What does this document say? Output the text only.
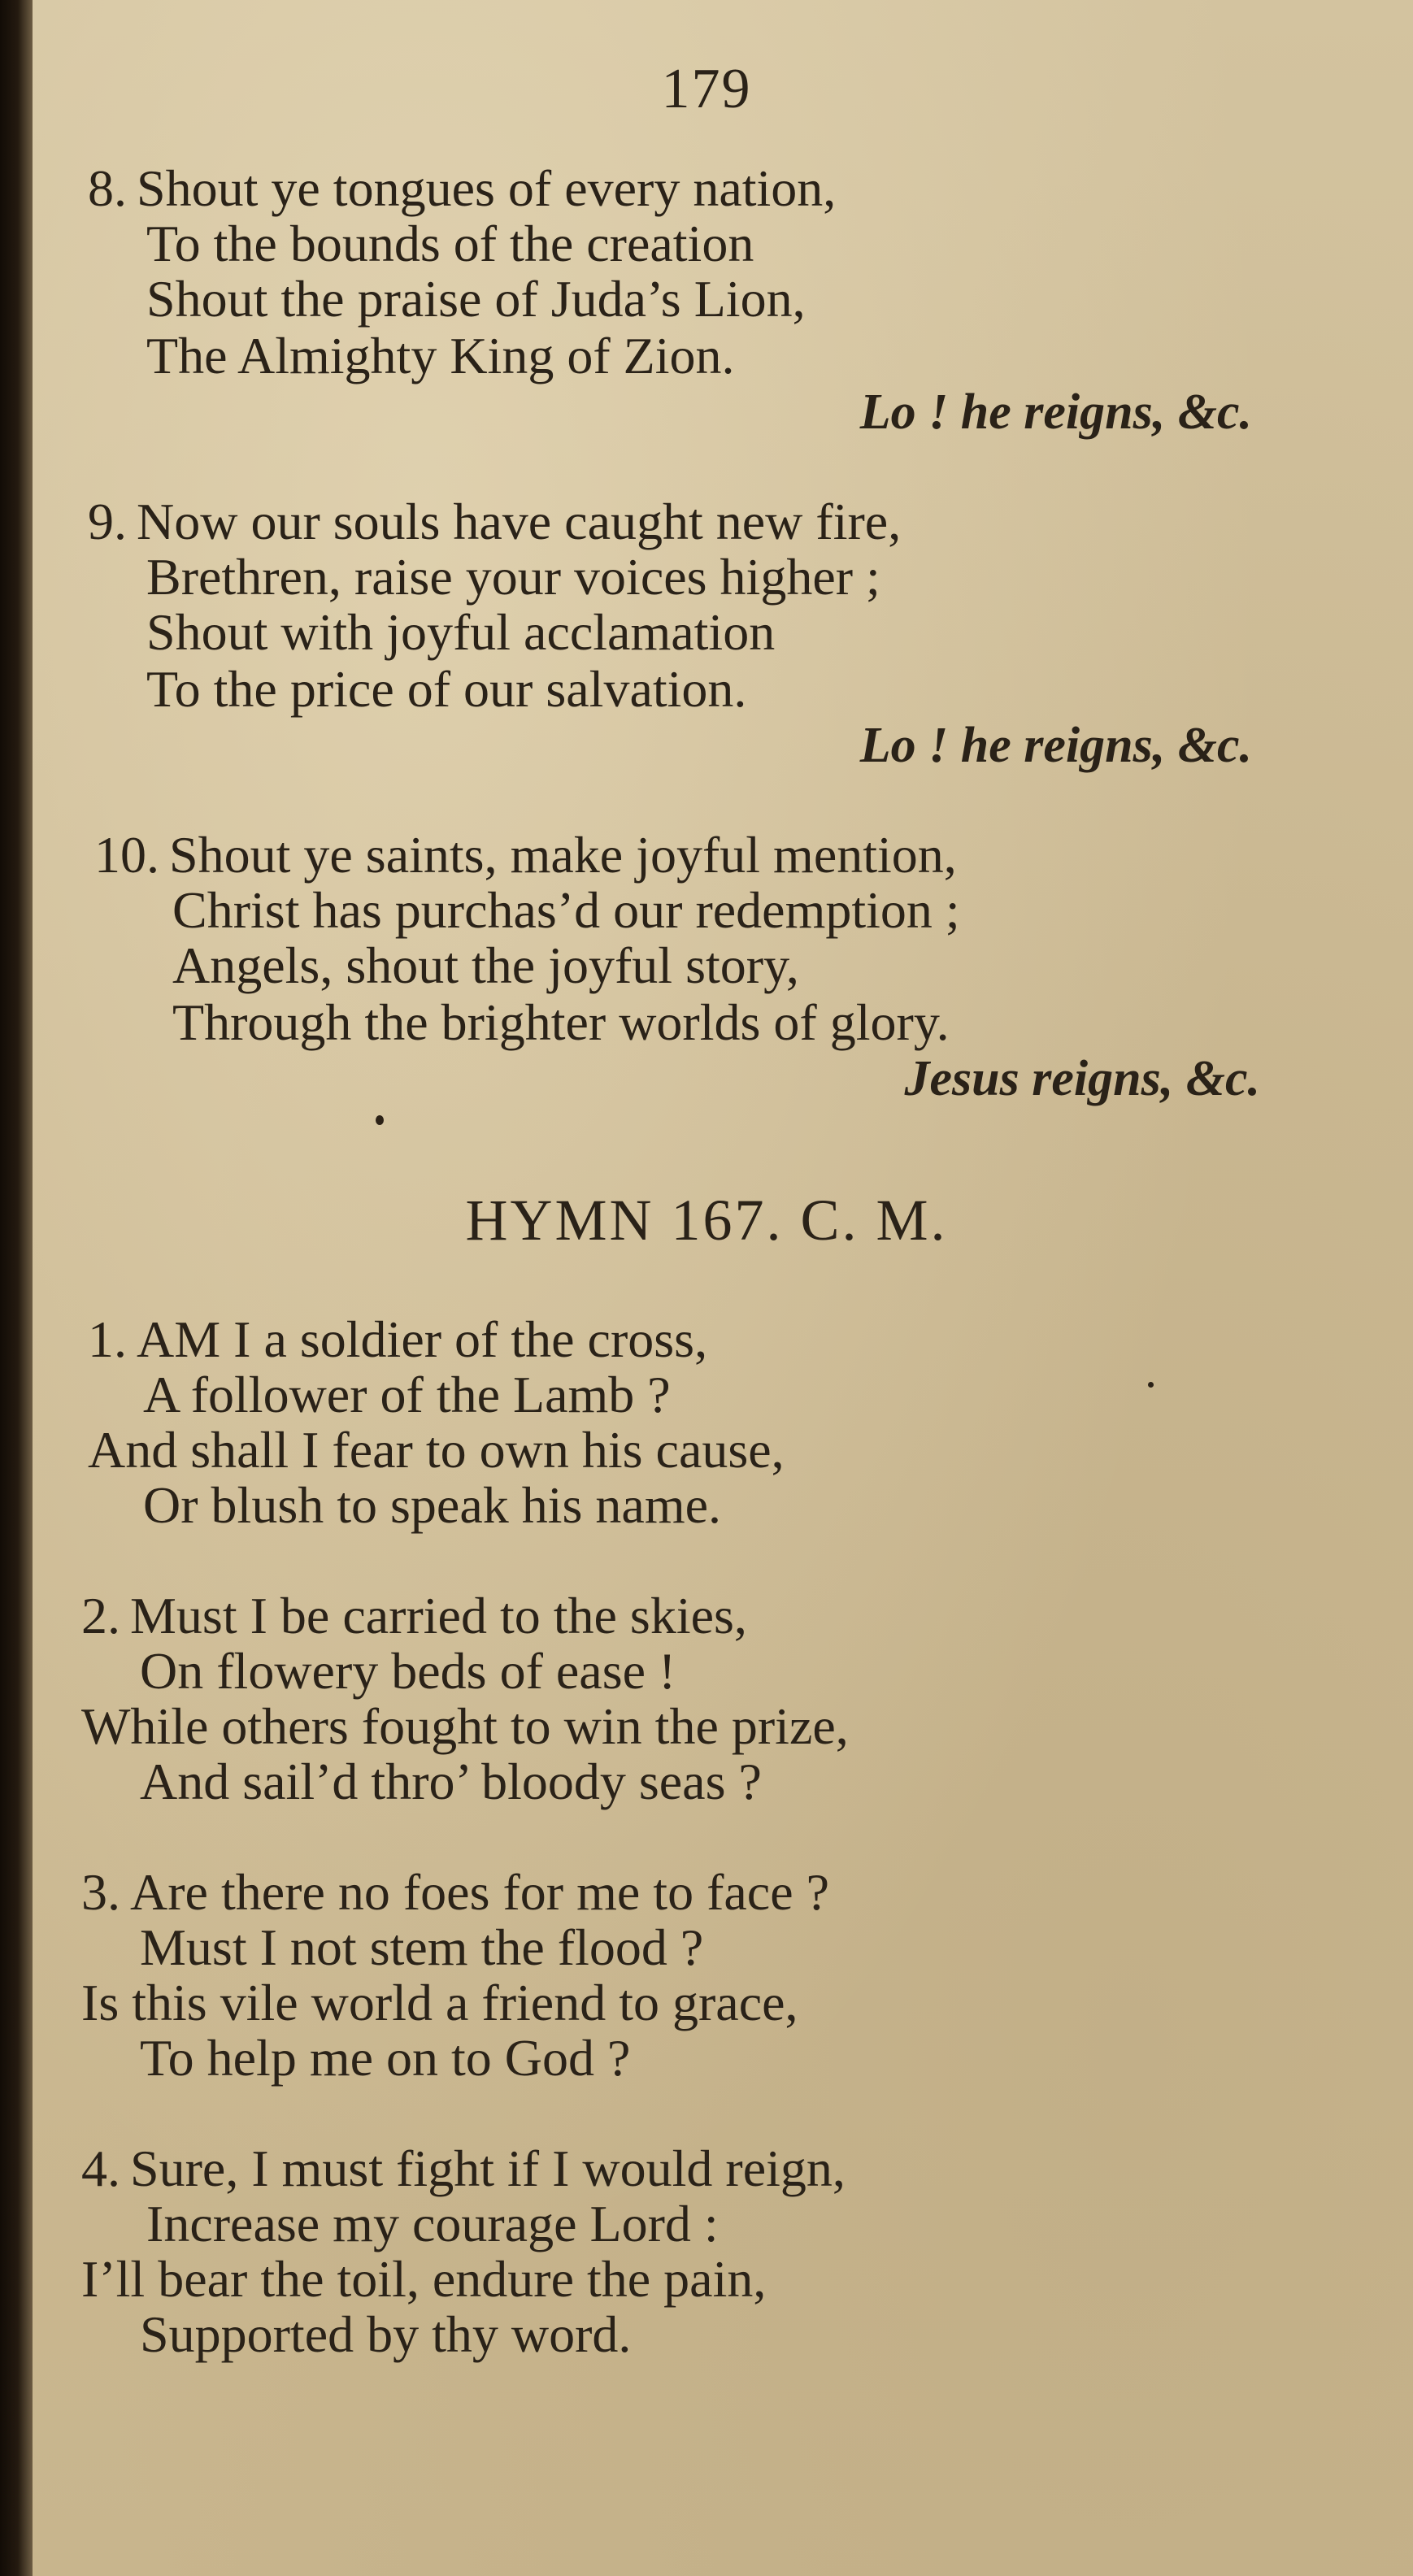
179
8. Shout ye tongues of every nation,
To the bounds of the creation
Shout the praise of Juda’s Lion,
The Almighty King of Zion.
Lo ! he reigns, &c.
9. Now our souls have caught new fire,
Brethren, raise your voices higher ;
Shout with joyful acclamation
To the price of our salvation.
Lo ! he reigns, &c.
10. Shout ye saints, make joyful mention,
Christ has purchas’d our redemption ;
Angels, shout the joyful story,
Through the brighter worlds of glory.
Jesus reigns, &c.
HYMN 167. C. M.
1. AM I a soldier of the cross,
A follower of the Lamb ?
And shall I fear to own his cause,
Or blush to speak his name.
2. Must I be carried to the skies,
On flowery beds of ease !
While others fought to win the prize,
And sail’d thro’ bloody seas ?
3. Are there no foes for me to face ?
Must I not stem the flood ?
Is this vile world a friend to grace,
To help me on to God ?
4. Sure, I must fight if I would reign,
Increase my courage Lord :
I’ll bear the toil, endure the pain,
Supported by thy word.
